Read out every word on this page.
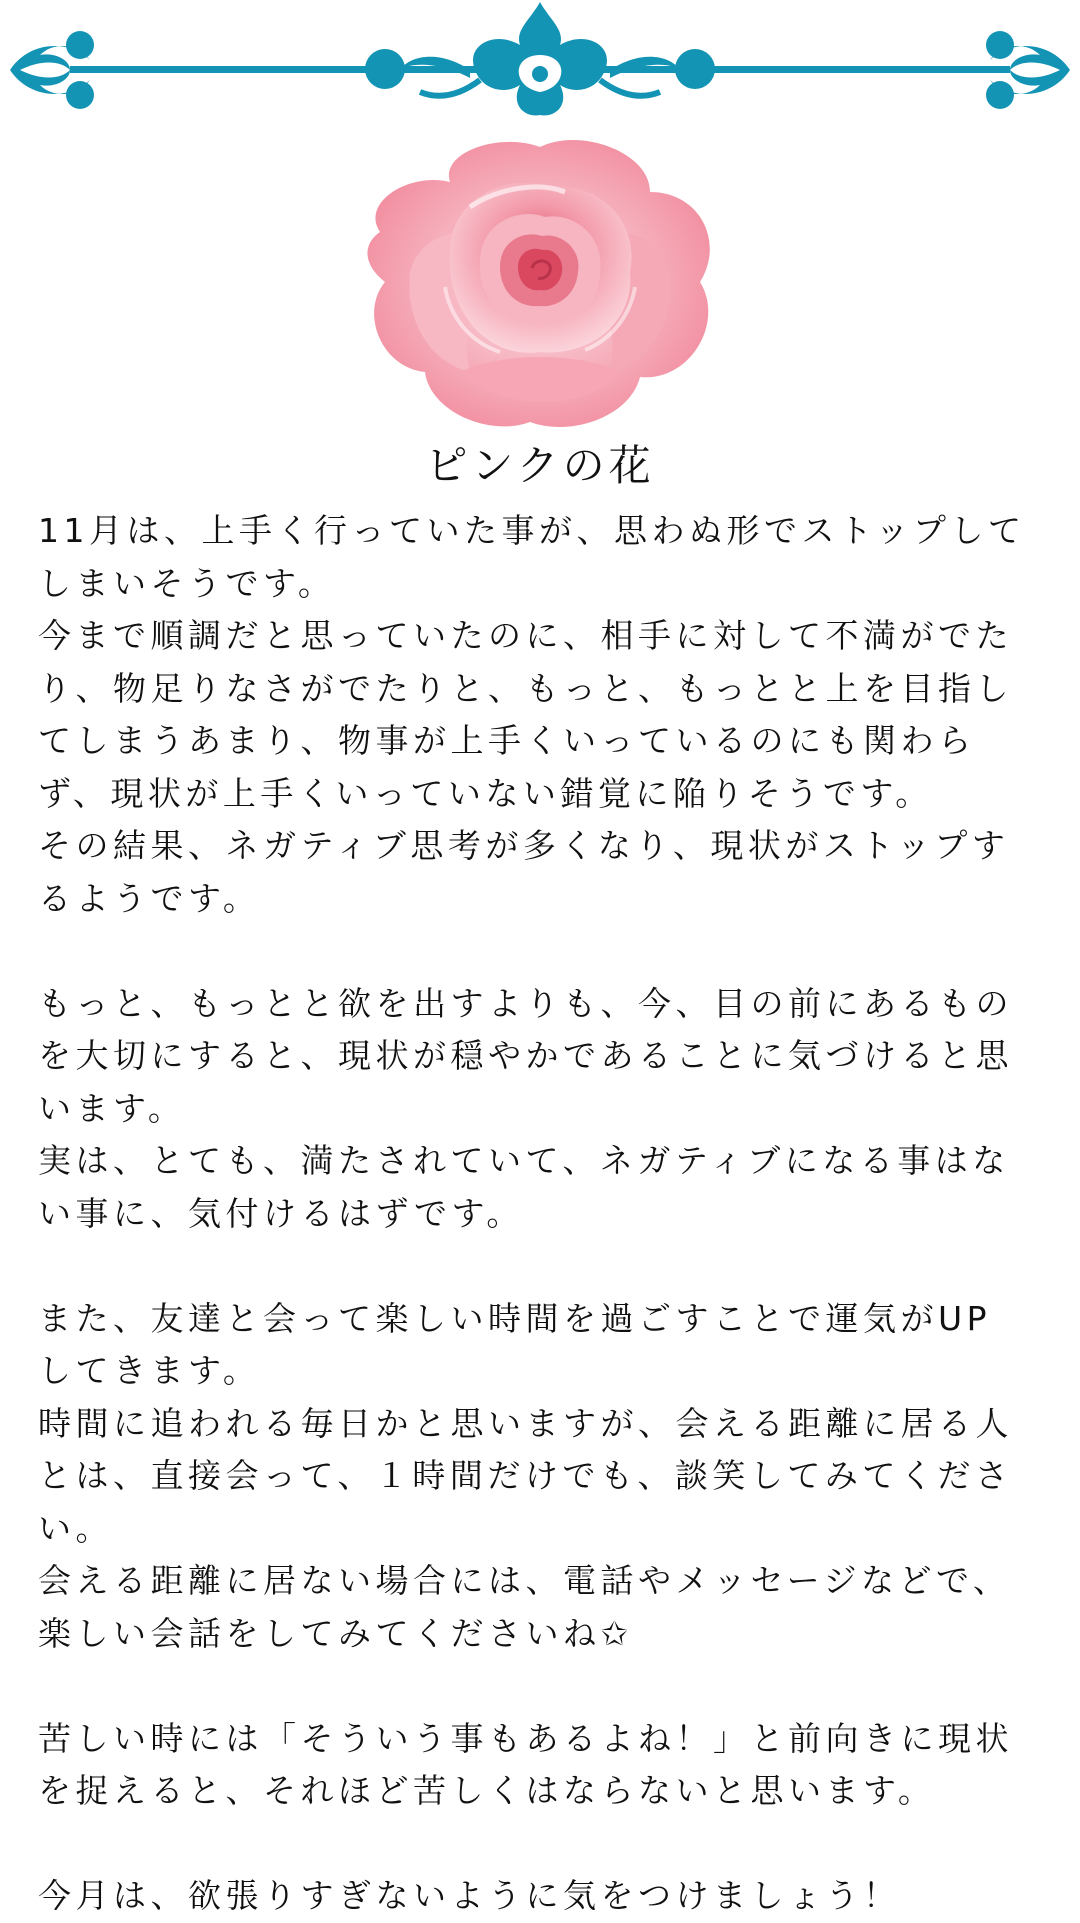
ピンクの花
11月は、上手く行っていた事が、思わぬ形でストップして
しまいそうです。
今まで順調だと思っていたのに、相手に対して不満がでた
り、物足りなさがでたりと、もっと、もっとと上を目指し
てしまうあまり、物事が上手くいっているのにも関わら
ず、現状が上手くいっていない錯覚に陥りそうです。
その結果、ネガティブ思考が多くなり、現状がストップす
るようです。
もっと、もっとと欲を出すよりも、今、目の前にあるもの
を大切にすると、現状が穏やかであることに気づけると思
います。
実は、とても、満たされていて、ネガティブになる事はな
い事に、気付けるはずです。
また、友達と会って楽しい時間を過ごすことで運気がUP
してきます。
時間に追われる毎日かと思いますが、会える距離に居る人
とは、直接会って、１時間だけでも、談笑してみてくださ
い。
会える距離に居ない場合には、電話やメッセージなどで、
楽しい会話をしてみてくださいね✩
苦しい時には「そういう事もあるよね！」と前向きに現状
を捉えると、それほど苦しくはならないと思います。
今月は、欲張りすぎないように気をつけましょう！
